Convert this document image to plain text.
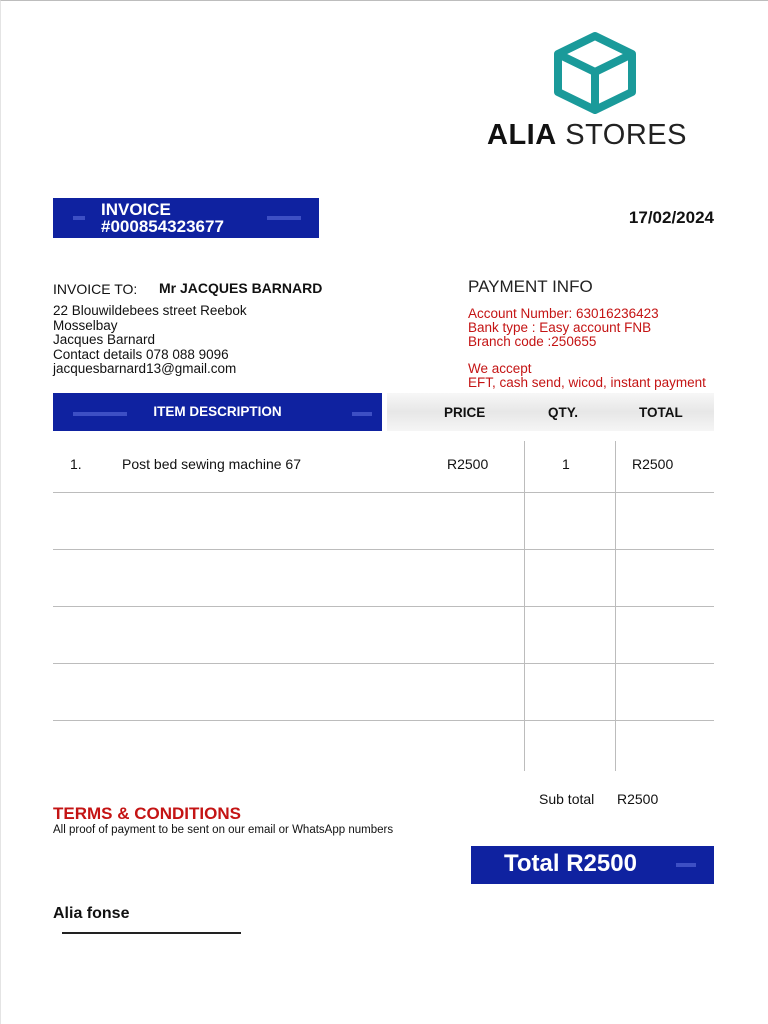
ALIA STORES
INVOICE
#000854323677	17/02/2024
INVOICE TO: Mr JACQUES BARNARD
22 Blouwildebees street Reebok
Mosselbay
Jacques Barnard
Contact details 078 088 9096
jacquesbarnard13@gmail.com
PAYMENT INFO
Account Number: 63016236423
Bank type : Easy account FNB
Branch code :250655
We accept
EFT, cash send, wicod, instant payment
ITEM DESCRIPTION	PRICE	QTY.	TOTAL
1.	Post bed sewing machine 67	R2500	1	R2500
Sub total R2500
TERMS & CONDITIONS
All proof of payment to be sent on our email or WhatsApp numbers
Total R2500
Alia fonse
